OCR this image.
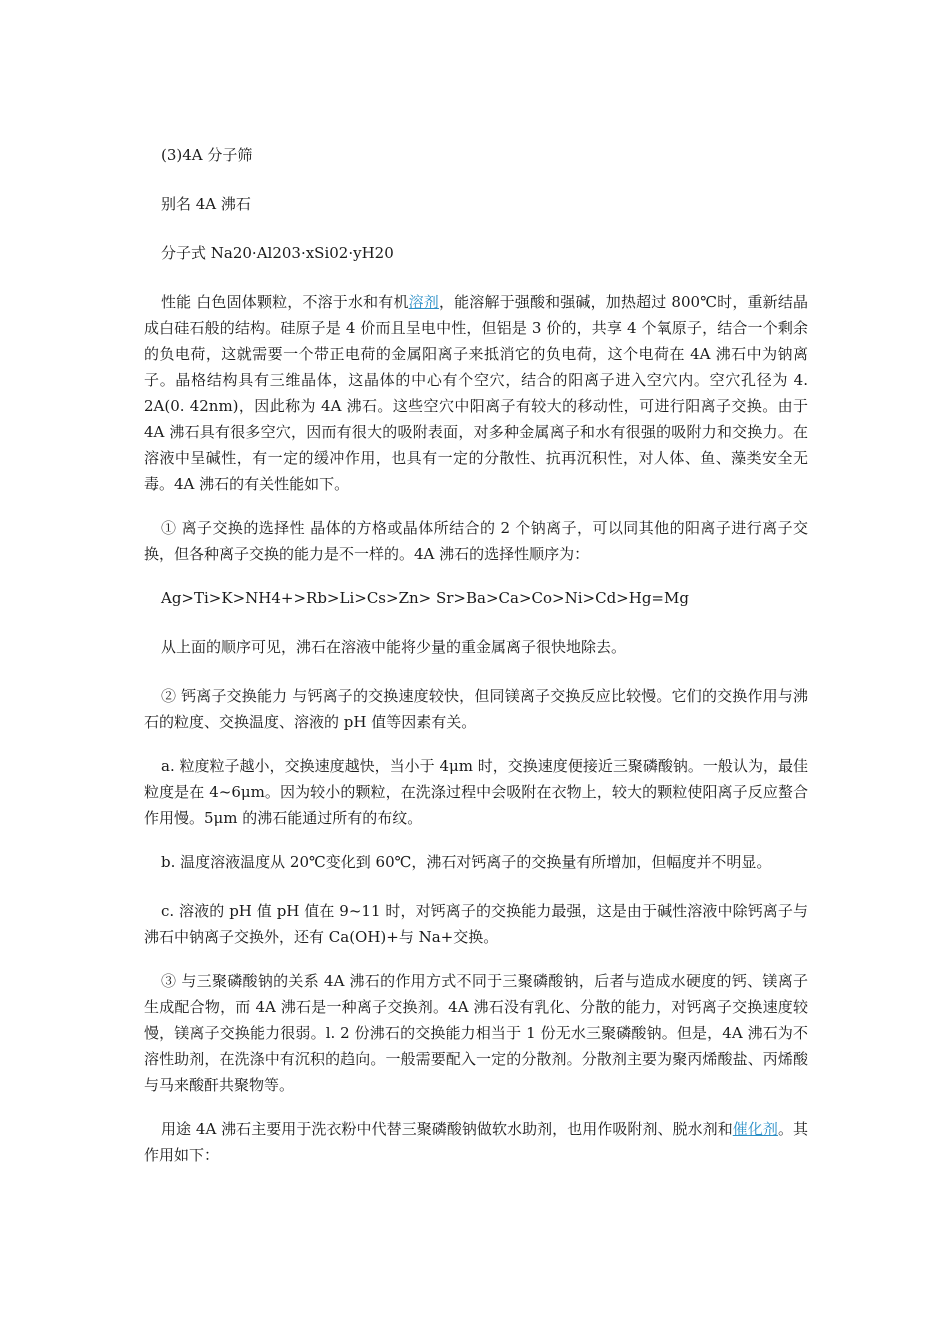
(3)4A 分子筛

别名 4A 沸石

分子式 Na20·Al203·xSi02·yH20

性能 白色固体颗粒，不溶于水和有机溶剂，能溶解于强酸和强碱，加热超过 800℃时，重新结晶成白硅石般的结构。硅原子是 4 价而且呈电中性，但铝是 3 价的，共享 4 个氧原子，结合一个剩余的负电荷，这就需要一个带正电荷的金属阳离子来抵消它的负电荷，这个电荷在 4A 沸石中为钠离子。晶格结构具有三维晶体，这晶体的中心有个空穴，结合的阳离子进入空穴内。空穴孔径为 4. 2A(0. 42nm)，因此称为 4A 沸石。这些空穴中阳离子有较大的移动性，可进行阳离子交换。由于 4A 沸石具有很多空穴，因而有很大的吸附表面，对多种金属离子和水有很强的吸附力和交换力。在溶液中呈碱性，有一定的缓冲作用，也具有一定的分散性、抗再沉积性，对人体、鱼、藻类安全无毒。4A 沸石的有关性能如下。

① 离子交换的选择性 晶体的方格或晶体所结合的 2 个钠离子，可以同其他的阳离子进行离子交换，但各种离子交换的能力是不一样的。4A 沸石的选择性顺序为：

Ag>Ti>K>NH4+>Rb>Li>Cs>Zn> Sr>Ba>Ca>Co>Ni>Cd>Hg=Mg

从上面的顺序可见，沸石在溶液中能将少量的重金属离子很快地除去。

② 钙离子交换能力 与钙离子的交换速度较快，但同镁离子交换反应比较慢。它们的交换作用与沸石的粒度、交换温度、溶液的 pH 值等因素有关。

a. 粒度粒子越小，交换速度越快，当小于 4μm 时，交换速度便接近三聚磷酸钠。一般认为，最佳粒度是在 4~6μm。因为较小的颗粒，在洗涤过程中会吸附在衣物上，较大的颗粒使阳离子反应螯合作用慢。5μm 的沸石能通过所有的布纹。

b. 温度溶液温度从 20℃变化到 60℃，沸石对钙离子的交换量有所增加，但幅度并不明显。

c. 溶液的 pH 值 pH 值在 9~11 时，对钙离子的交换能力最强，这是由于碱性溶液中除钙离子与沸石中钠离子交换外，还有 Ca(OH)+与 Na+交换。

③ 与三聚磷酸钠的关系 4A 沸石的作用方式不同于三聚磷酸钠，后者与造成水硬度的钙、镁离子生成配合物，而 4A 沸石是一种离子交换剂。4A 沸石没有乳化、分散的能力，对钙离子交换速度较慢，镁离子交换能力很弱。l. 2 份沸石的交换能力相当于 1 份无水三聚磷酸钠。但是，4A 沸石为不溶性助剂，在洗涤中有沉积的趋向。一般需要配入一定的分散剂。分散剂主要为聚丙烯酸盐、丙烯酸与马来酸酐共聚物等。

用途 4A 沸石主要用于洗衣粉中代替三聚磷酸钠做软水助剂，也用作吸附剂、脱水剂和催化剂。其作用如下：
